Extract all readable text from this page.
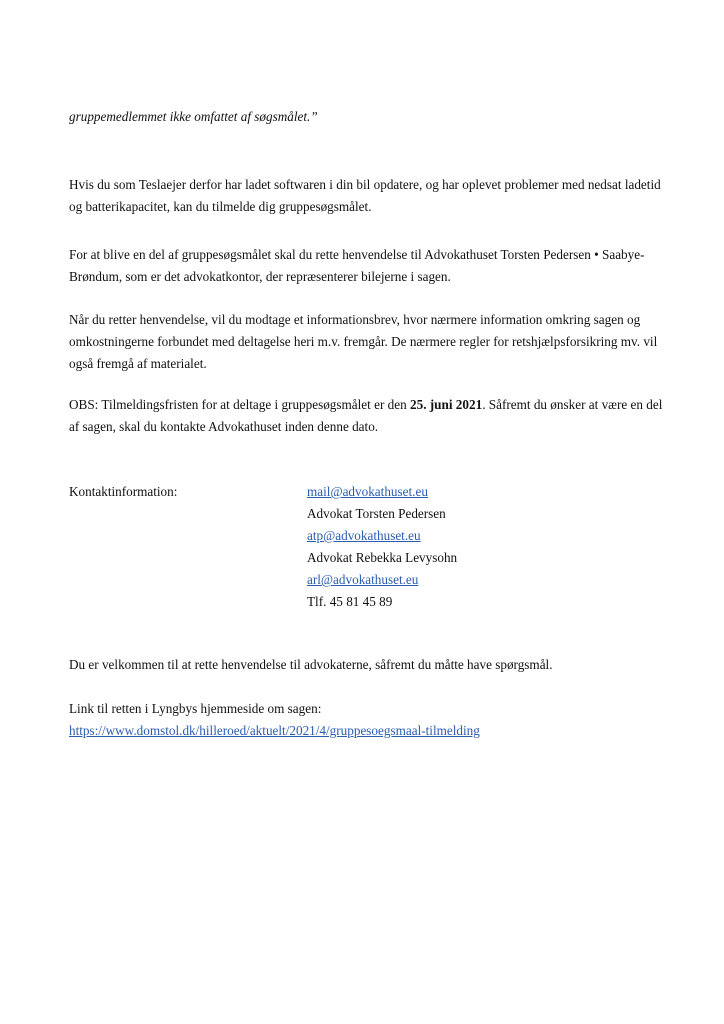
gruppemedlemmet ikke omfattet af søgsmålet.”

Hvis du som Teslaejer derfor har ladet softwaren i din bil opdatere, og har oplevet problemer med nedsat ladetid og batterikapacitet, kan du tilmelde dig gruppesøgsmålet.

For at blive en del af gruppesøgsmålet skal du rette henvendelse til Advokathuset Torsten Pedersen • Saabye-Brøndum, som er det advokatkontor, der repræsenterer bilejerne i sagen.

Når du retter henvendelse, vil du modtage et informationsbrev, hvor nærmere information omkring sagen og omkostningerne forbundet med deltagelse heri m.v. fremgår. De nærmere regler for retshjælpsforsikring mv. vil også fremgå af materialet.

OBS: Tilmeldingsfristen for at deltage i gruppesøgsmålet er den 25. juni 2021. Såfremt du ønsker at være en del af sagen, skal du kontakte Advokathuset inden denne dato.

Kontaktinformation:	mail@advokathuset.eu
Advokat Torsten Pedersen
atp@advokathuset.eu
Advokat Rebekka Levysohn
arl@advokathuset.eu
Tlf. 45 81 45 89

Du er velkommen til at rette henvendelse til advokaterne, såfremt du måtte have spørgsmål.

Link til retten i Lyngbys hjemmeside om sagen:

https://www.domstol.dk/hilleroed/aktuelt/2021/4/gruppesoegsmaal-tilmelding
